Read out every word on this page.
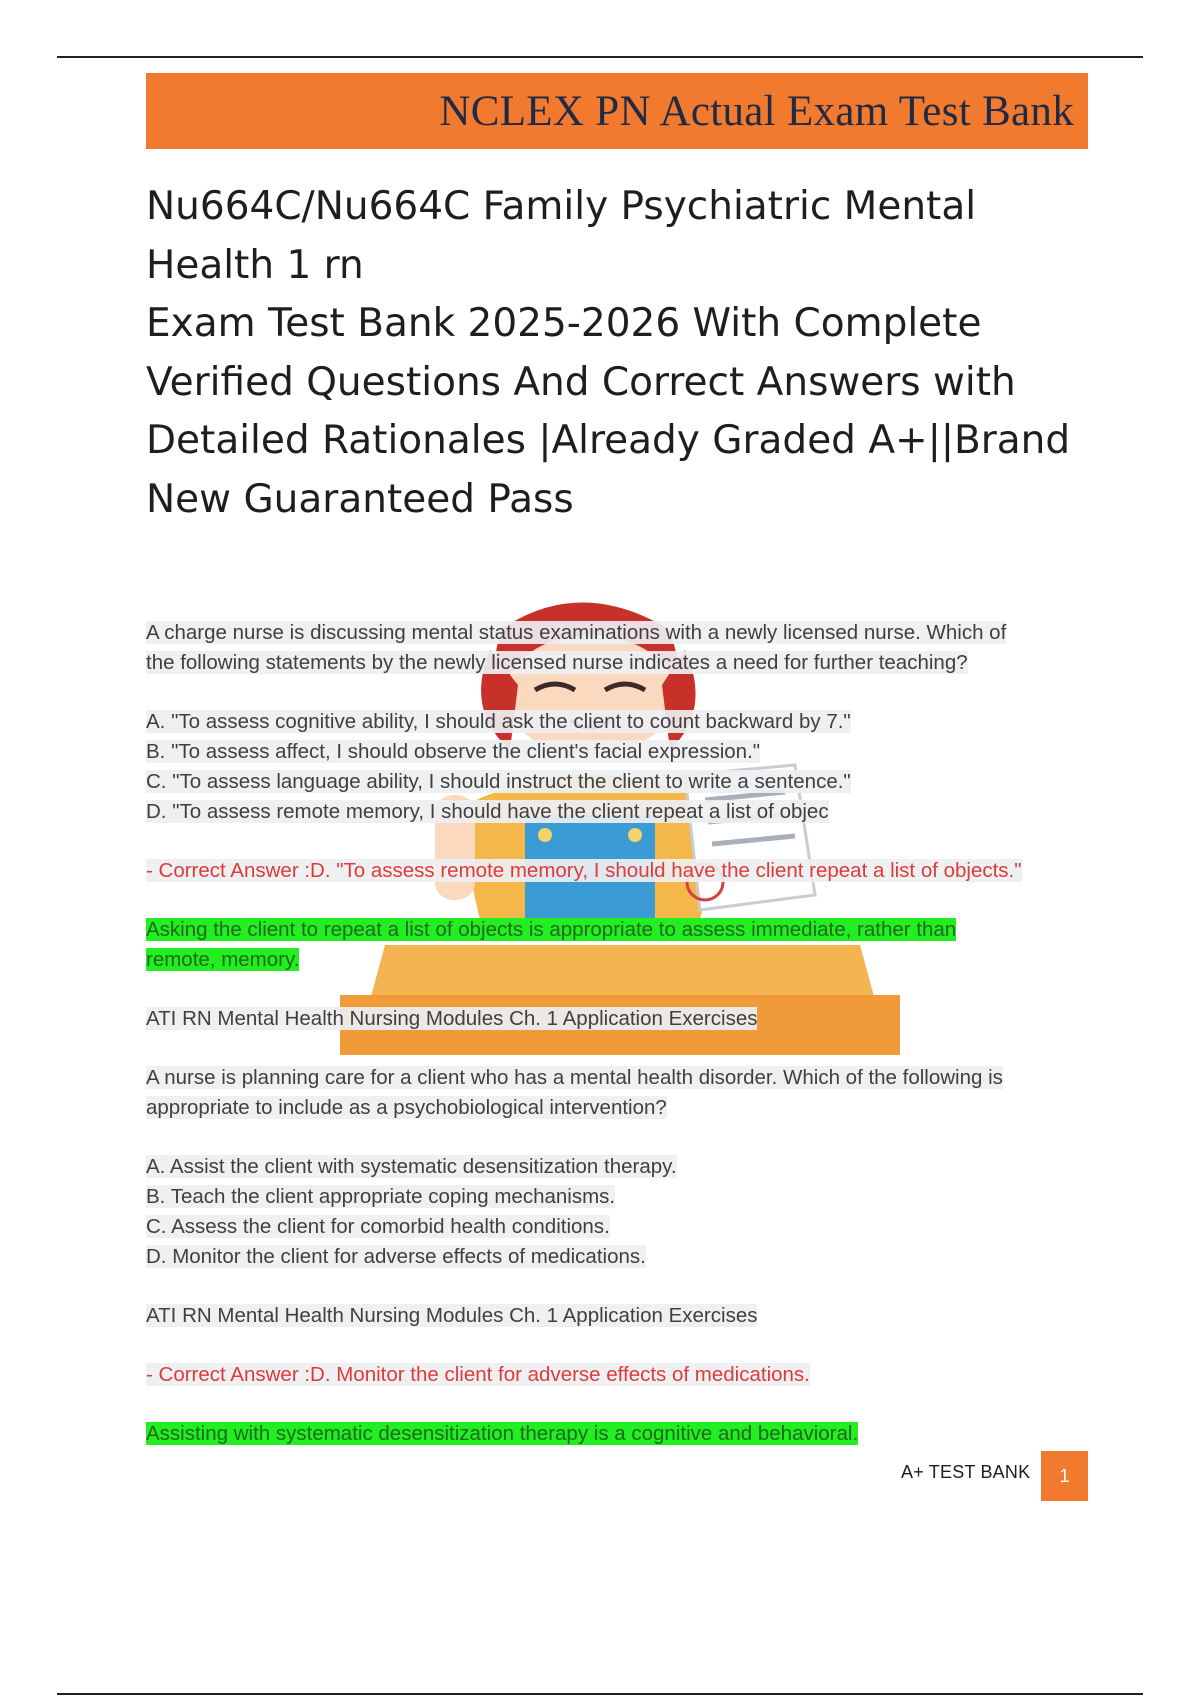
NCLEX PN Actual Exam Test Bank
Nu664C/Nu664C Family Psychiatric Mental
Health 1 rn
Exam Test Bank 2025-2026 With Complete
Verified Questions And Correct Answers with
Detailed Rationales |Already Graded A+||Brand
New Guaranteed Pass
A charge nurse is discussing mental status examinations with a newly licensed nurse. Which of
the following statements by the newly licensed nurse indicates a need for further teaching?
A. "To assess cognitive ability, I should ask the client to count backward by 7."
B. "To assess affect, I should observe the client's facial expression."
C. "To assess language ability, I should instruct the client to write a sentence."
D. "To assess remote memory, I should have the client repeat a list of objec
- Correct Answer :D. "To assess remote memory, I should have the client repeat a list of objects."
Asking the client to repeat a list of objects is appropriate to assess immediate, rather than
remote, memory.
ATI RN Mental Health Nursing Modules Ch. 1 Application Exercises
A nurse is planning care for a client who has a mental health disorder. Which of the following is
appropriate to include as a psychobiological intervention?
A. Assist the client with systematic desensitization therapy.
B. Teach the client appropriate coping mechanisms.
C. Assess the client for comorbid health conditions.
D. Monitor the client for adverse effects of medications.
ATI RN Mental Health Nursing Modules Ch. 1 Application Exercises
- Correct Answer :D. Monitor the client for adverse effects of medications.
Assisting with systematic desensitization therapy is a cognitive and behavioral.
A+ TEST BANK 1
